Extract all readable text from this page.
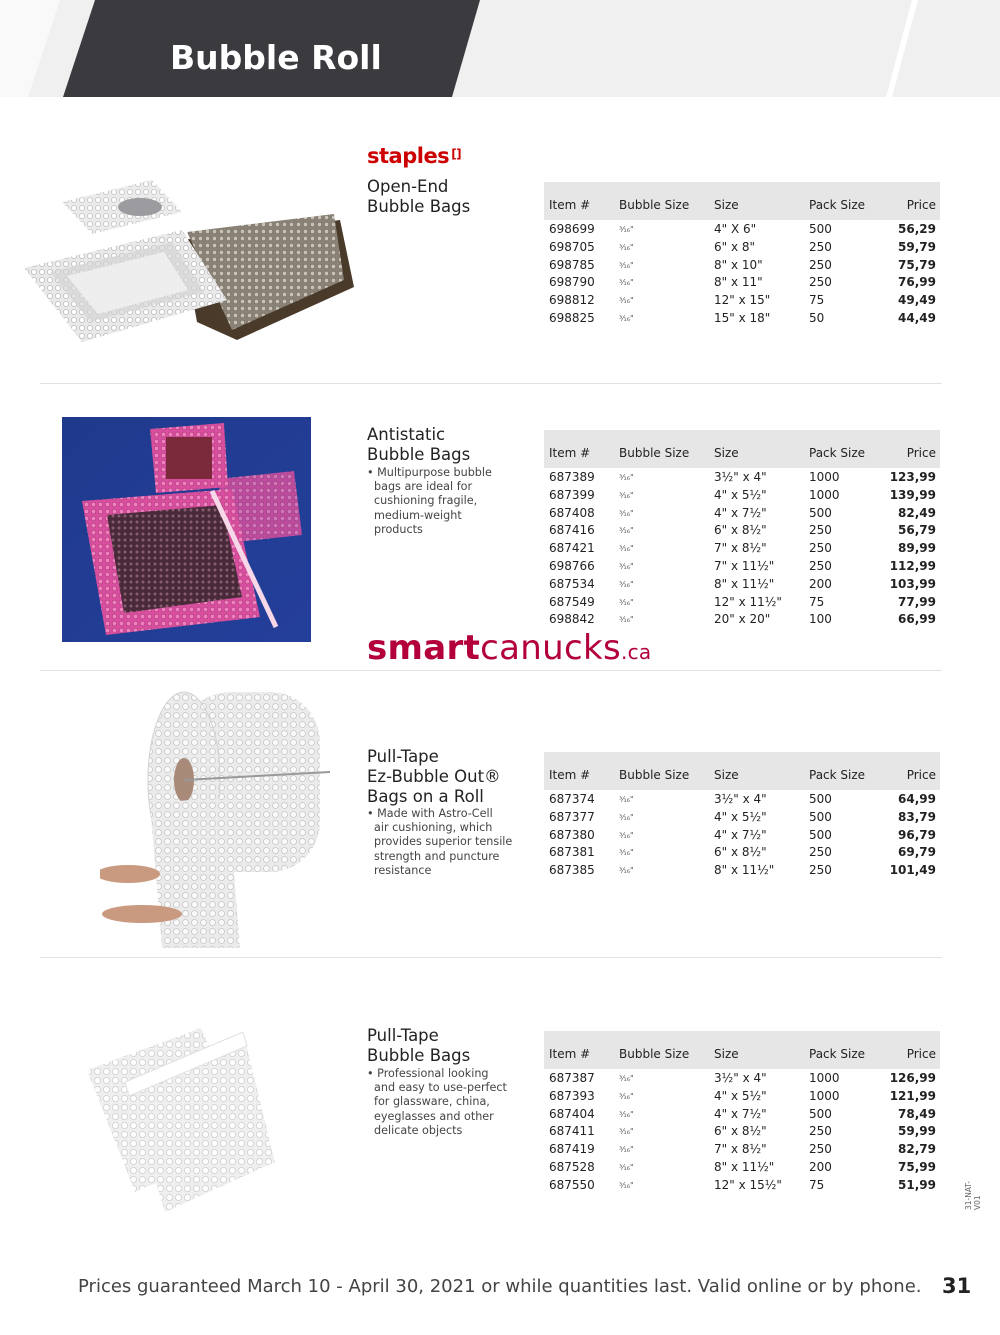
Bubble Roll
staples []
Open-End
Bubble Bags	Item # Bubble Size Size	Pack Size	Price
698699	³⁄₁₆"	4" X 6"	500	56,29
698705	³⁄₁₆"	6" x 8"	250	59,79
698785	³⁄₁₆"	8" x 10"	250	75,79
698790	³⁄₁₆"	8" x 11"	250	76,99
698812	³⁄₁₆"	12" x 15"	75	49,49
698825	³⁄₁₆"	15" x 18"	50	44,49
Antistatic
Bubble Bags
• Multipurpose bubble
bags are ideal for
cushioning fragile,
medium-weight
products
Item # Bubble Size Size	Pack Size	Price
687389	³⁄₁₆"	3½" x 4"	1000	123,99
687399	³⁄₁₆"	4" x 5½"	1000	139,99
687408	³⁄₁₆"	4" x 7½"	500	82,49
687416	³⁄₁₆"	6" x 8½"	250	56,79
687421	³⁄₁₆"	7" x 8½"	250	89,99
698766	³⁄₁₆"	7" x 11½"	250	112,99
687534	³⁄₁₆"	8" x 11½"	200	103,99
687549	³⁄₁₆"	12" x 11½" 75	77,99
698842	³⁄₁₆"	20" x 20"	100	66,99
smartcanucks.ca
Pull-Tape
Ez-Bubble Out®
Bags on a Roll
• Made with Astro-Cell
air cushioning, which
provides superior tensile
strength and puncture
resistance
Item # Bubble Size Size	Pack Size	Price
687374	³⁄₁₆"	3½" x 4"	500	64,99
687377	³⁄₁₆"	4" x 5½"	500	83,79
687380	³⁄₁₆"	4" x 7½"	500	96,79
687381	³⁄₁₆"	6" x 8½"	250	69,79
687385	³⁄₁₆"	8" x 11½"	250	101,49
Pull-Tape
Bubble Bags
• Professional looking
and easy to use-perfect
for glassware, china,
eyeglasses and other
delicate objects
Item # Bubble Size Size	Pack Size	Price
687387	³⁄₁₆"	3½" x 4"	1000	126,99
687393	³⁄₁₆"	4" x 5½"	1000	121,99
687404	³⁄₁₆"	4" x 7½"	500	78,49
687411	³⁄₁₆"	6" x 8½"	250	59,99
687419	³⁄₁₆"	7" x 8½"	250	82,79
687528	³⁄₁₆"	8" x 11½"	200	75,99
687550	³⁄₁₆"	12" x 15½" 75	51,99	31-NAT-V01
Prices guaranteed March 10 - April 30, 2021 or while quantities last. Valid online or by phone. 31
